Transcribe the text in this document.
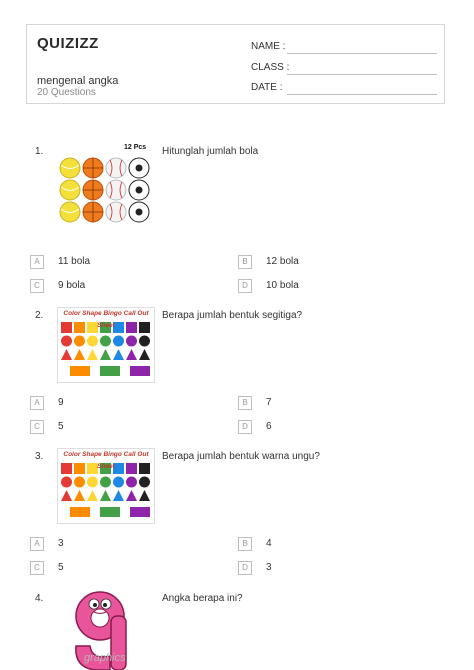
QUIZIZZ
mengenal angka
20 Questions
NAME :
CLASS :
DATE :
1.	Hitunglah jumlah bola
12 Pcs
A	11 bola	B	12 bola
C	9 bola	D	10 bola
2.	Berapa jumlah bentuk segitiga?
Color Shape Bingo Call Out Sheet
A	9	B	7
C	5	D	6
3.	Berapa jumlah bentuk warna ungu?
Color Shape Bingo Call Out Sheet
A	3	B	4
C	5	D	3
4.	Angka berapa ini?
graphics
